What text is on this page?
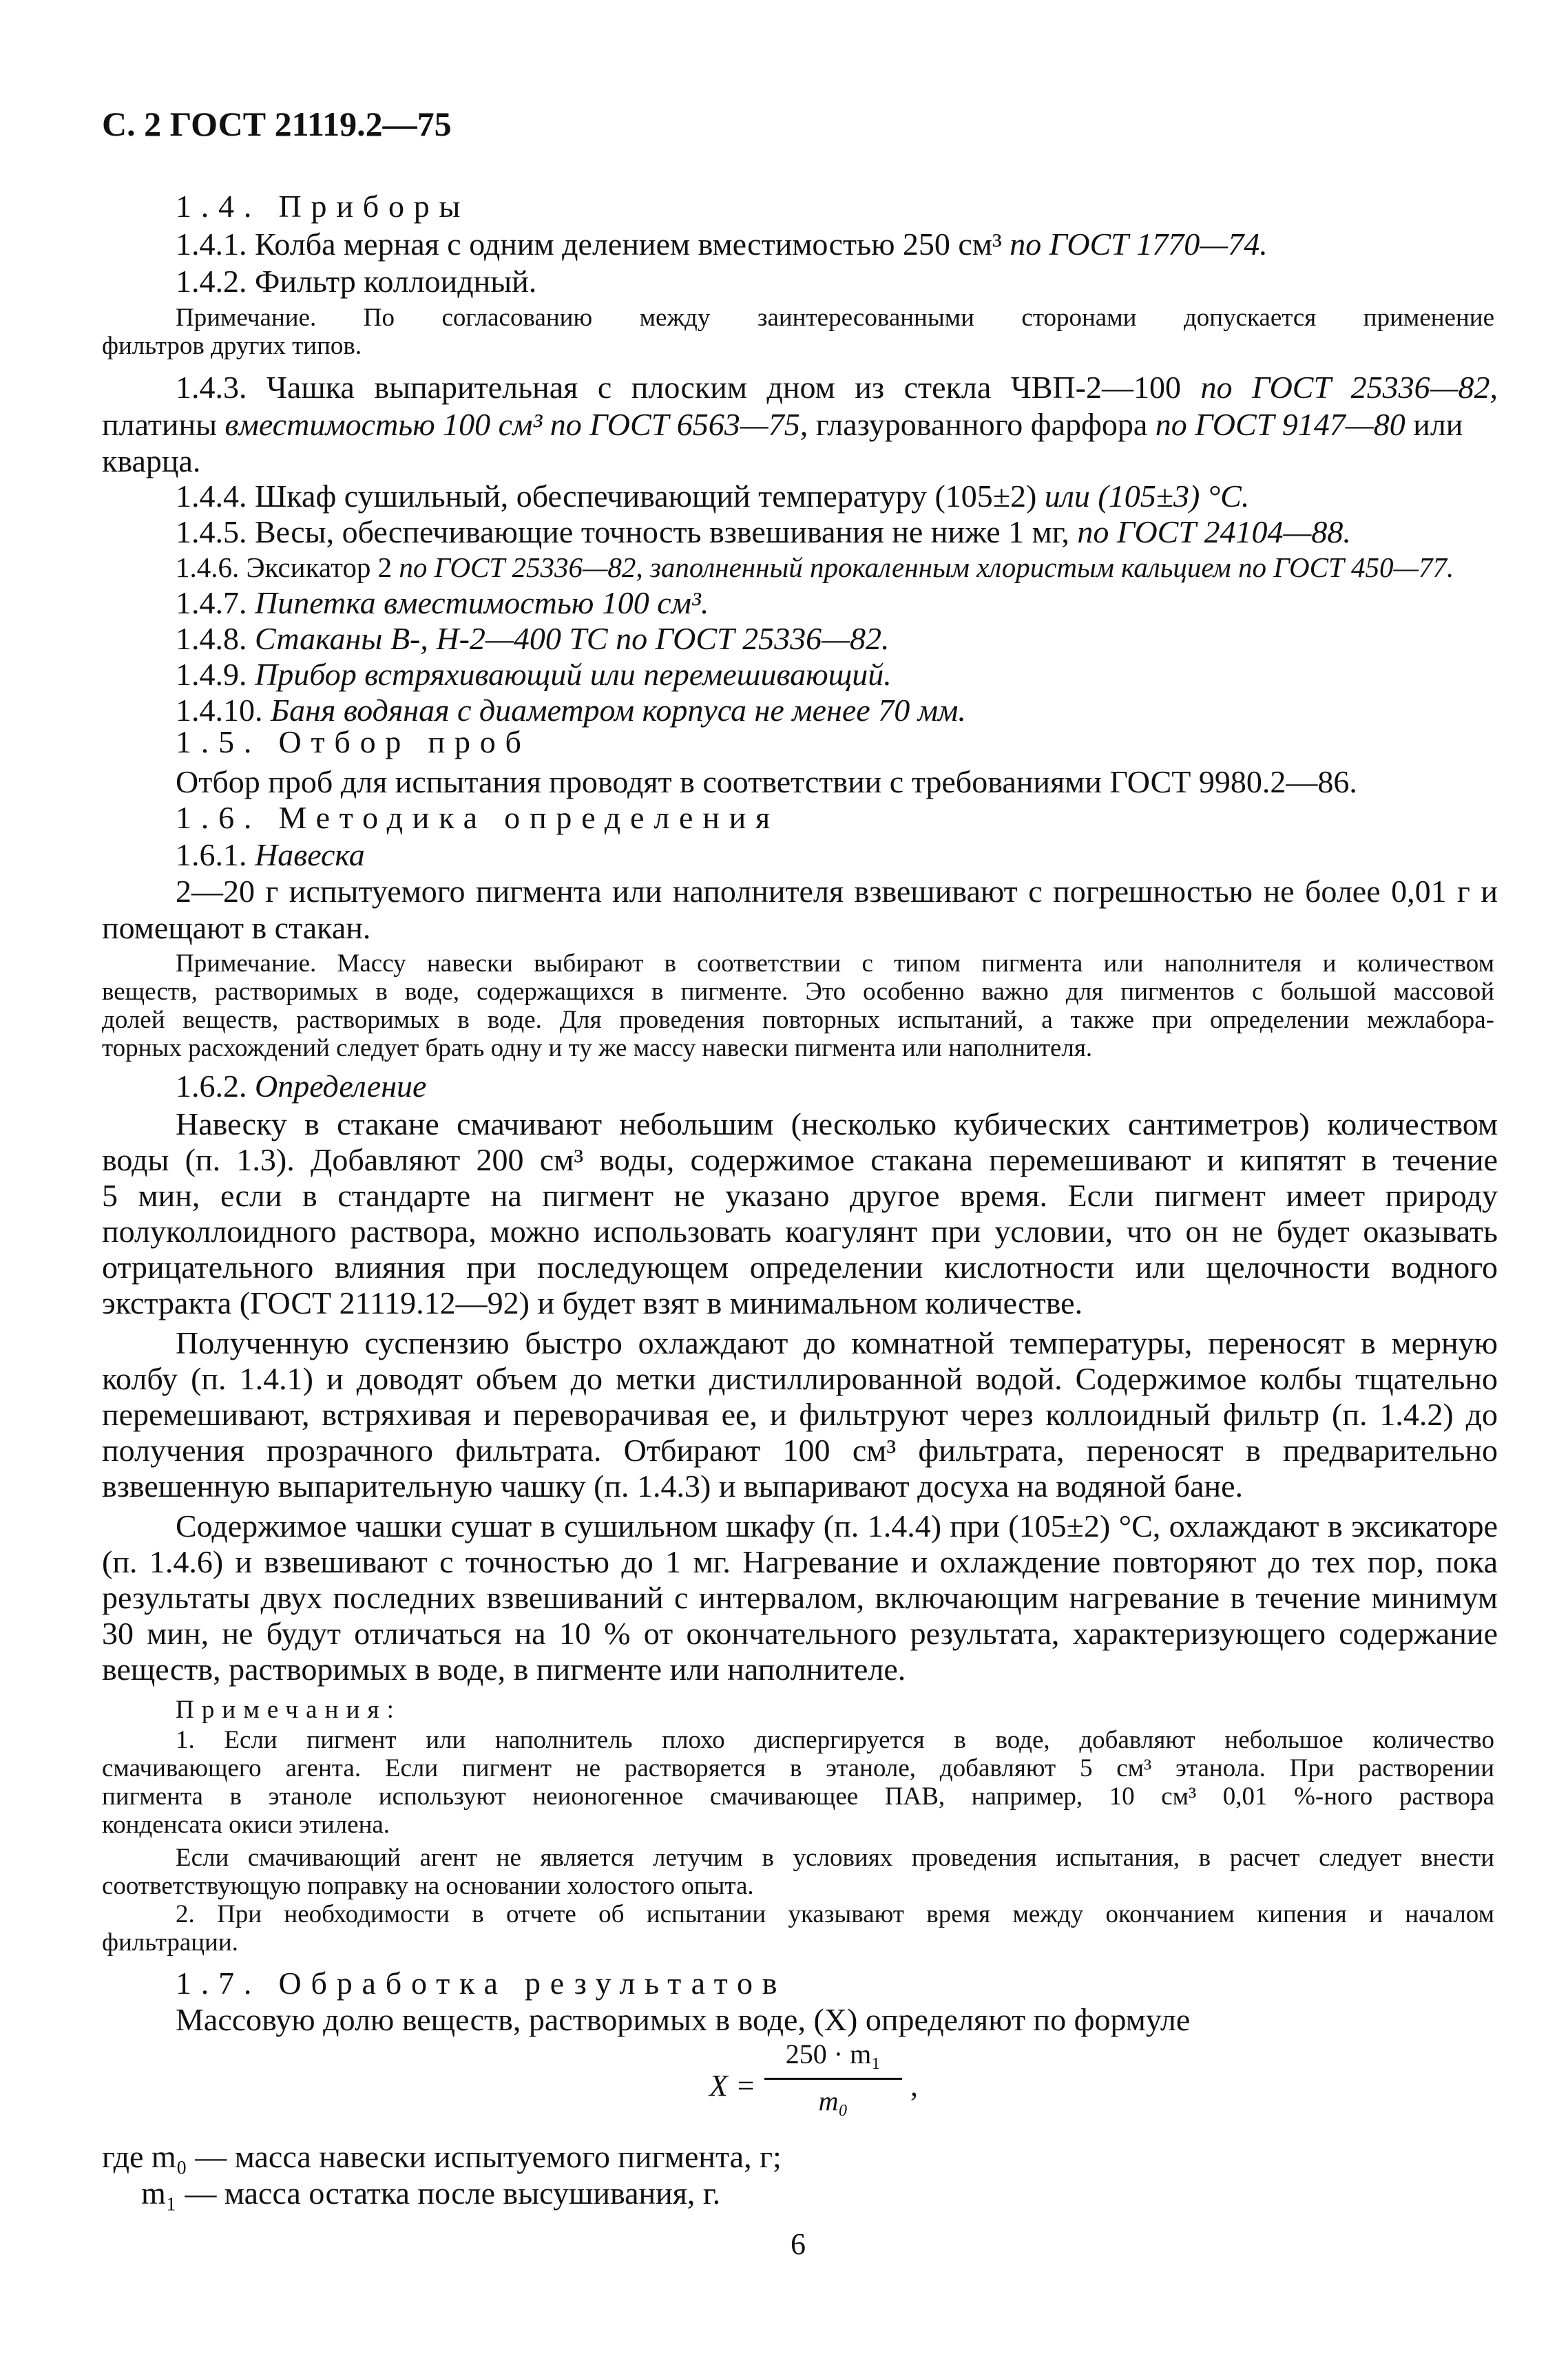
С. 2 ГОСТ 21119.2—75
1.4. Приборы
1.4.1. Колба мерная с одним делением вместимостью 250 см³ по ГОСТ 1770—74.
1.4.2. Фильтр коллоидный.
Примечание. По согласованию между заинтересованными сторонами допускается применение
фильтров других типов.
1.4.3. Чашка выпарительная с плоским дном из стекла ЧВП-2—100 по ГОСТ 25336—82,
платины вместимостью 100 см³ по ГОСТ 6563—75, глазурованного фарфора по ГОСТ 9147—80 или
кварца.
1.4.4. Шкаф сушильный, обеспечивающий температуру (105±2) или (105±3) °С.
1.4.5. Весы, обеспечивающие точность взвешивания не ниже 1 мг, по ГОСТ 24104—88.
1.4.6. Эксикатор 2 по ГОСТ 25336—82, заполненный прокаленным хлористым кальцием по ГОСТ 450—77.
1.4.7. Пипетка вместимостью 100 см³.
1.4.8. Стаканы В-, Н-2—400 ТС по ГОСТ 25336—82.
1.4.9. Прибор встряхивающий или перемешивающий.
1.4.10. Баня водяная с диаметром корпуса не менее 70 мм.
1.5. Отбор проб
Отбор проб для испытания проводят в соответствии с требованиями ГОСТ 9980.2—86.
1.6. Методика определения
1.6.1. Навеска
2—20 г испытуемого пигмента или наполнителя взвешивают с погрешностью не более 0,01 г и
помещают в стакан.
Примечание. Массу навески выбирают в соответствии с типом пигмента или наполнителя и количеством
веществ, растворимых в воде, содержащихся в пигменте. Это особенно важно для пигментов с большой массовой
долей веществ, растворимых в воде. Для проведения повторных испытаний, а также при определении межлабора-
торных расхождений следует брать одну и ту же массу навески пигмента или наполнителя.
1.6.2. Определение
Навеску в стакане смачивают небольшим (несколько кубических сантиметров) количеством
воды (п. 1.3). Добавляют 200 см³ воды, содержимое стакана перемешивают и кипятят в течение
5 мин, если в стандарте на пигмент не указано другое время. Если пигмент имеет природу
полуколлоидного раствора, можно использовать коагулянт при условии, что он не будет оказывать
отрицательного влияния при последующем определении кислотности или щелочности водного
экстракта (ГОСТ 21119.12—92) и будет взят в минимальном количестве.
Полученную суспензию быстро охлаждают до комнатной температуры, переносят в мерную
колбу (п. 1.4.1) и доводят объем до метки дистиллированной водой. Содержимое колбы тщательно
перемешивают, встряхивая и переворачивая ее, и фильтруют через коллоидный фильтр (п. 1.4.2) до
получения прозрачного фильтрата. Отбирают 100 см³ фильтрата, переносят в предварительно
взвешенную выпарительную чашку (п. 1.4.3) и выпаривают досуха на водяной бане.
Содержимое чашки сушат в сушильном шкафу (п. 1.4.4) при (105±2) °С, охлаждают в эксикаторе
(п. 1.4.6) и взвешивают с точностью до 1 мг. Нагревание и охлаждение повторяют до тех пор, пока
результаты двух последних взвешиваний с интервалом, включающим нагревание в течение минимум
30 мин, не будут отличаться на 10 % от окончательного результата, характеризующего содержание
веществ, растворимых в воде, в пигменте или наполнителе.
Примечания:
1. Если пигмент или наполнитель плохо диспергируется в воде, добавляют небольшое количество
смачивающего агента. Если пигмент не растворяется в этаноле, добавляют 5 см³ этанола. При растворении
пигмента в этаноле используют неионогенное смачивающее ПАВ, например, 10 см³ 0,01 %-ного раствора
конденсата окиси этилена.
Если смачивающий агент не является летучим в условиях проведения испытания, в расчет следует внести
соответствующую поправку на основании холостого опыта.
2. При необходимости в отчете об испытании указывают время между окончанием кипения и началом
фильтрации.
1.7. Обработка результатов
Массовую долю веществ, растворимых в воде, (X) определяют по формуле
X =
250 · m₁
m₀	,
где m₀ — масса навески испытуемого пигмента, г;
m₁ — масса остатка после высушивания, г.
6
